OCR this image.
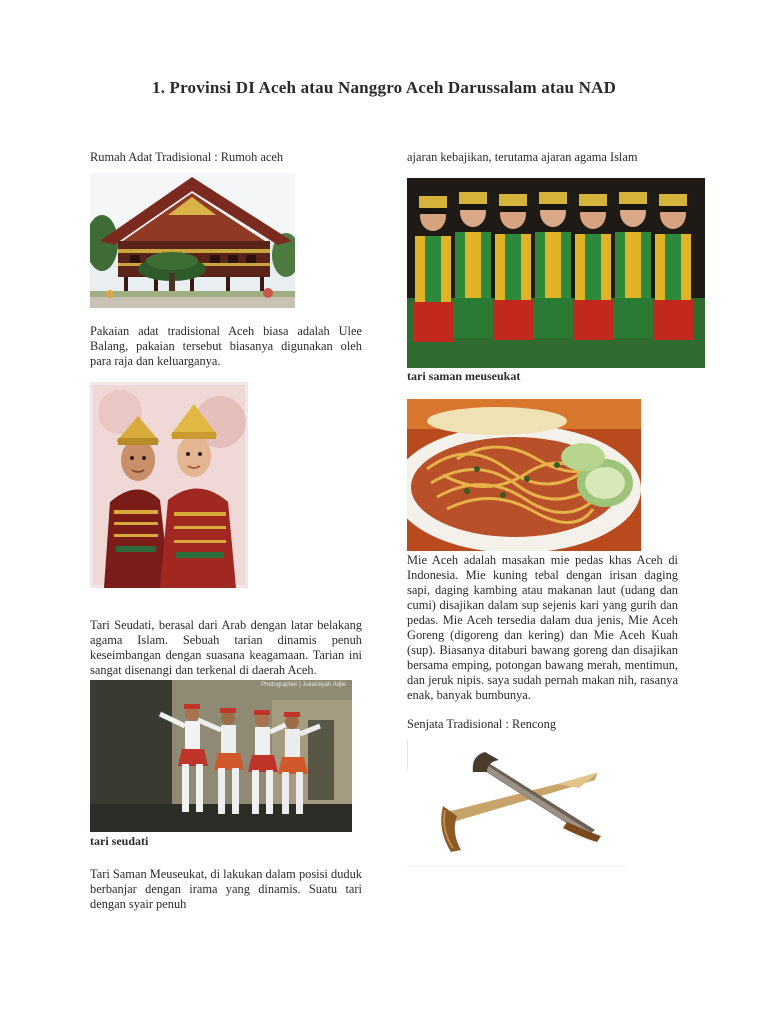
1. Provinsi DI Aceh atau Nanggro Aceh Darussalam atau NAD

Rumah Adat Tradisional : Rumoh aceh

Pakaian adat tradisional Aceh biasa adalah Ulee Balang, pakaian tersebut biasanya digunakan oleh para raja dan keluarganya.

Tari Seudati, berasal dari Arab dengan latar belakang agama Islam. Sebuah tarian dinamis penuh keseimbangan dengan suasana keagamaan. Tarian ini sangat disenangi dan terkenal di daerah Aceh.

Photographer | Jukarniyah Adjie

tari seudati

Tari Saman Meuseukat, di lakukan dalam posisi duduk berbanjar dengan irama yang dinamis. Suatu tari dengan syair penuh

ajaran kebajikan, terutama ajaran agama Islam

tari saman meuseukat

Mie Aceh adalah masakan mie pedas khas Aceh di Indonesia. Mie kuning tebal dengan irisan daging sapi, daging kambing atau makanan laut (udang dan cumi) disajikan dalam sup sejenis kari yang gurih dan pedas. Mie Aceh tersedia dalam dua jenis, Mie Aceh Goreng (digoreng dan kering) dan Mie Aceh Kuah (sup). Biasanya ditaburi bawang goreng dan disajikan bersama emping, potongan bawang merah, mentimun, dan jeruk nipis. saya sudah pernah makan nih, rasanya enak, banyak bumbunya.

Senjata Tradisional : Rencong
